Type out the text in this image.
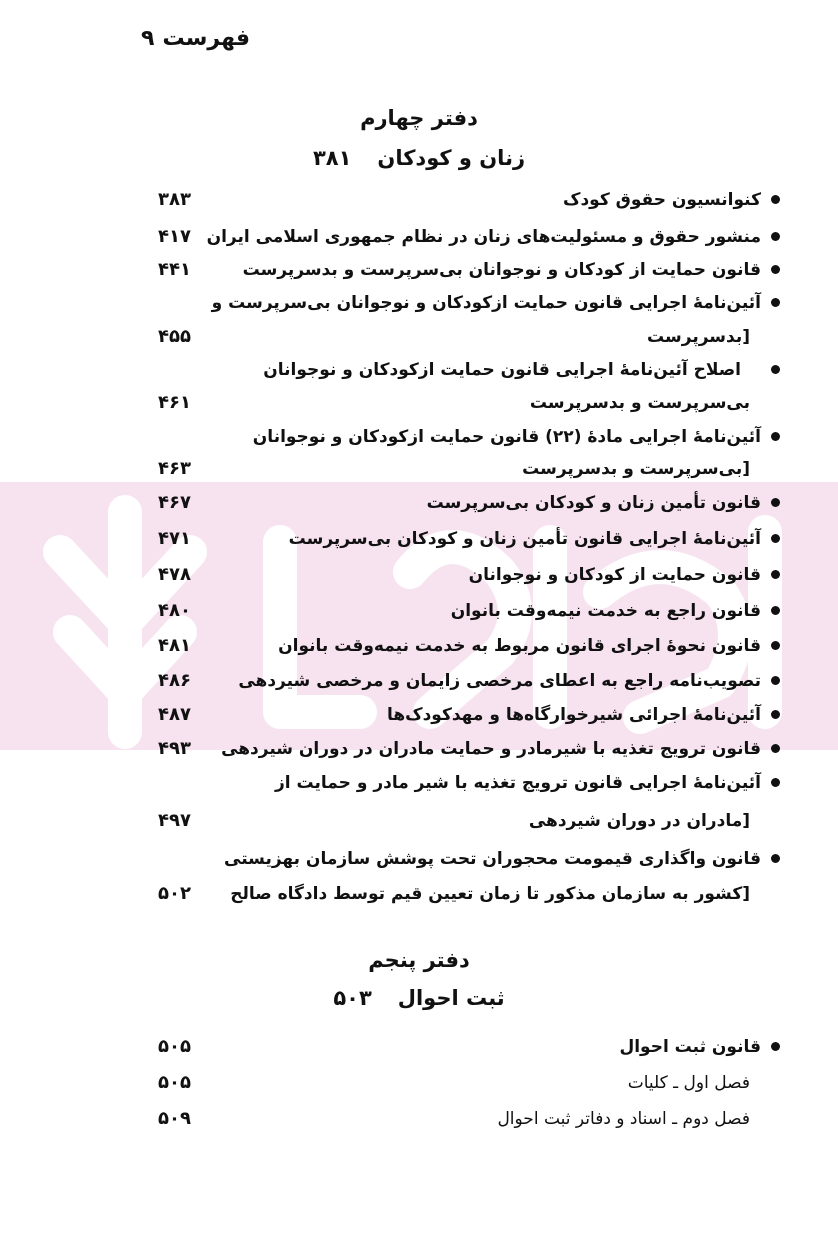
فهرست۹
دفتر چهارم
زنان و کودکان۳۸۱
کنوانسیون حقوق کودک
۳۸۳
منشور حقوق و مسئولیت‌های زنان در نظام جمهوری اسلامی ایران
۴۱۷
قانون حمایت از کودکان و نوجوانان بی‌سرپرست و بدسرپرست
۴۴۱
آئین‌نامهٔ اجرایی قانون حمایت ازکودکان و نوجوانان بی‌سرپرست و
[بدسرپرست
۴۵۵
اصلاح آئین‌نامهٔ اجرایی قانون حمایت ازکودکان و نوجوانان
بی‌سرپرست و بدسرپرست
۴۶۱
آئین‌نامهٔ اجرایی مادهٔ (۲۲) قانون حمایت ازکودکان و نوجوانان
[بی‌سرپرست و بدسرپرست
۴۶۳
قانون تأمین زنان و کودکان بی‌سرپرست
۴۶۷
آئین‌نامهٔ اجرایی قانون تأمین زنان و کودکان بی‌سرپرست
۴۷۱
قانون حمایت از کودکان و نوجوانان
۴۷۸
قانون راجع به خدمت نیمه‌وقت بانوان
۴۸۰
قانون نحوهٔ اجرای قانون مربوط به خدمت نیمه‌وقت بانوان
۴۸۱
تصویب‌نامه راجع به اعطای مرخصی زایمان و مرخصی شیردهی
۴۸۶
آئین‌نامهٔ اجرائی شیرخوارگاه‌ها و مهدکودک‌ها
۴۸۷
قانون ترویج تغذیه با شیرمادر و حمایت مادران در دوران شیردهی
۴۹۳
آئین‌نامهٔ اجرایی قانون ترویج تغذیه با شیر مادر و حمایت از
[مادران در دوران شیردهی
۴۹۷
قانون واگذاری قیمومت محجوران تحت پوشش سازمان بهزیستی
[کشور به سازمان مذکور تا زمان تعیین قیم توسط دادگاه صالح
۵۰۲
دفتر پنجم
ثبت احوال۵۰۳
قانون ثبت احوال
۵۰۵
فصل اول ـ کلیات
۵۰۵
فصل دوم ـ اسناد و دفاتر ثبت احوال
۵۰۹
